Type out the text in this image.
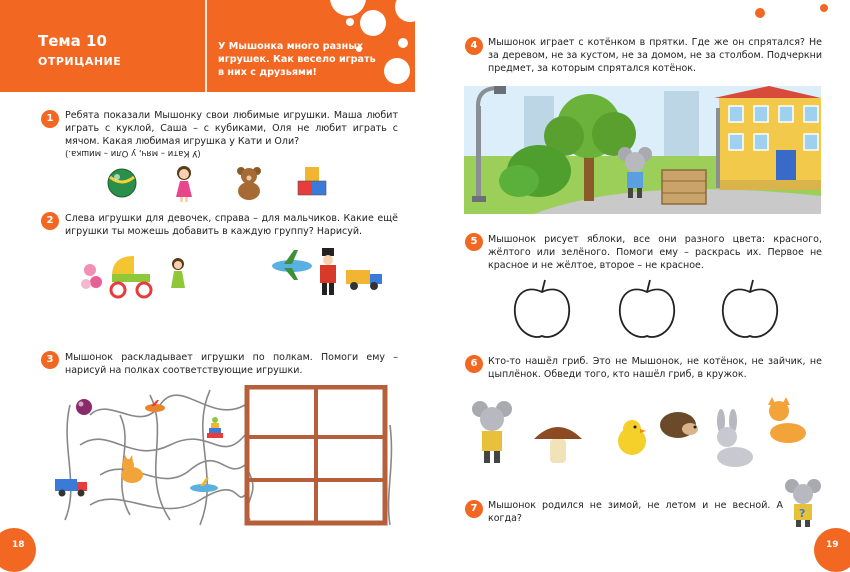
Тема 10
ОТРИЦАНИЕ
У Мышонка много разных игрушек. Как весело играть в них с друзьями!
1	Ребята показали Мышонку свои любимые игрушки. Маша любит играть с куклой, Саша – с кубиками, Оля не любит играть с мячом. Какая любимая игрушка у Кати и Оли?
(У Кати – мяч, у Оли – мишка.)
2	Слева игрушки для девочек, справа – для мальчиков. Какие ещё игрушки ты можешь добавить в каждую группу? Нарисуй.
3	Мышонок раскладывает игрушки по полкам. Помоги ему – нарисуй на полках соответствующие игрушки.
18
4	Мышонок играет с котёнком в прятки. Где же он спрятался? Не за деревом, не за кустом, не за домом, не за столбом. Подчеркни предмет, за которым спрятался котёнок.
5	Мышонок рисует яблоки, все они разного цвета: красного, жёлтого или зелёного. Помоги ему – раскрась их. Первое не красное и не жёлтое, второе – не красное.
6	Кто-то нашёл гриб. Это не Мышонок, не котёнок, не зайчик, не цыплёнок. Обведи того, кто нашёл гриб, в кружок.
7	Мышонок родился не зимой, не летом и не весной. А когда?	?
19
